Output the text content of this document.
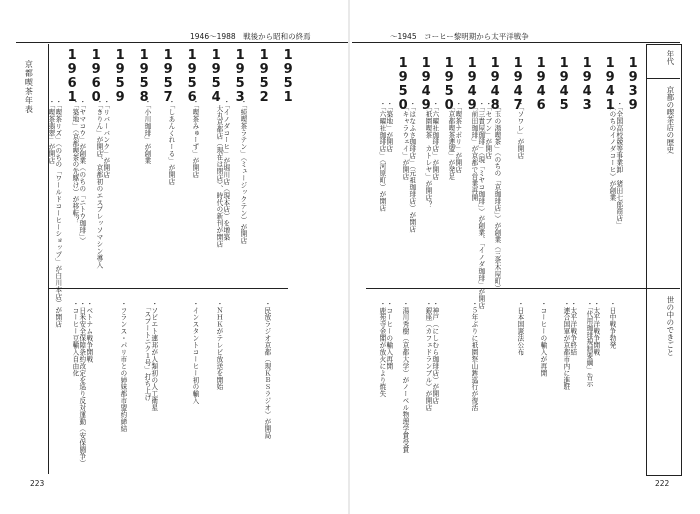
1946〜1988　戦後から昭和の終焉
京都喫茶年表	1951
・民放ラジオ京都（現ＫＢＳラジオ）が開局
1952
・「純喫茶ラテン」（ミュージックテン）が開店
1953
・「イノダコーヒ」が堀川店（現本店）を増築
　大丸京都店（現在は閉店）、時代の新刊が開店
・ＮＨＫがテレビ放送を開始
1954
・「喫茶みゅーず」が開店
・インスタントコーヒー初の輸入
1956
・「しあんくれーる」が開店
1957
・「小川珈琲」が創業
・ソビエト連邦が人類初の人工衛星
　「スプートニク１号」打ち上げ
1958
・フランス・パリ市との姉妹都市盟約締結
1959
・「リバーバンク」が開店
・「きりん」が開店、京都初のエスプレッソマシン導入
1960
・「ヤマコウ」が創業（のちの「ニトウ珈琲」）
・「築地」（京都喫茶の先駆け）が移転？
・ベトナム戦争開戦
・日米安全保障条約改定を巡り反対運動（安保闘争）
・コーヒー豆輸入自由化
1961
・「喫茶リズ」（のちの「ワールドコーヒーショップ」が白川本店）が開店
・「喫茶翡翠」が開店
223
〜1945　コーヒー黎明期から太平洋戦争
年代
京都の喫茶店の歴史
世の中のできごと
1939
・「全国高校競等事業卸　猪田七郎商店」
　（のちのイノダコーヒ）が創業
・日中戦争勃発
1941
・太平洋戦争開戦
・「代用珈琲規制要綱」告示
1943
・太平洋戦争終結
・連合国軍が京都市内に進駐
1945
・コーヒーの輸入が再開
1946
・「ソワレ」が開店
・日本国憲法公布
1947
・「玉の湯喫茶」（のちの「京珈琲店」）が創業（三条木屋町）
1948
・「セブン」が開店
・「三貴屋珈琲」（現「ミヤコ珈琲」）が創業、「イノダ珈琲」が開店
・「前田珈琲」が京都で営業再開
・５年ぶりに祇園祭山鉾巡行が復活
1949
・「喫茶ナポリ」が開店
・「京都喫茶連盟」が発足
1950
・「六曜社珈琲店」が開店
・「祇園喫茶　カトレヤ」が開店？
・神戸（にしむら珈琲店）が開店
・銀座（カフェドランブル）が開店
1949
・「はなふさ珈琲店」（元祖珈琲店）が開店
・「キャラウェイ」が開店
・湯川秀樹（京都大学）がノーベル物理学賞受賞
1950
・「築地」が開店
・「六曜社珈琲店」（河原町）が開店
・コーヒーの輸入再開
・鹿苑寺金閣が放火により焼失
222
